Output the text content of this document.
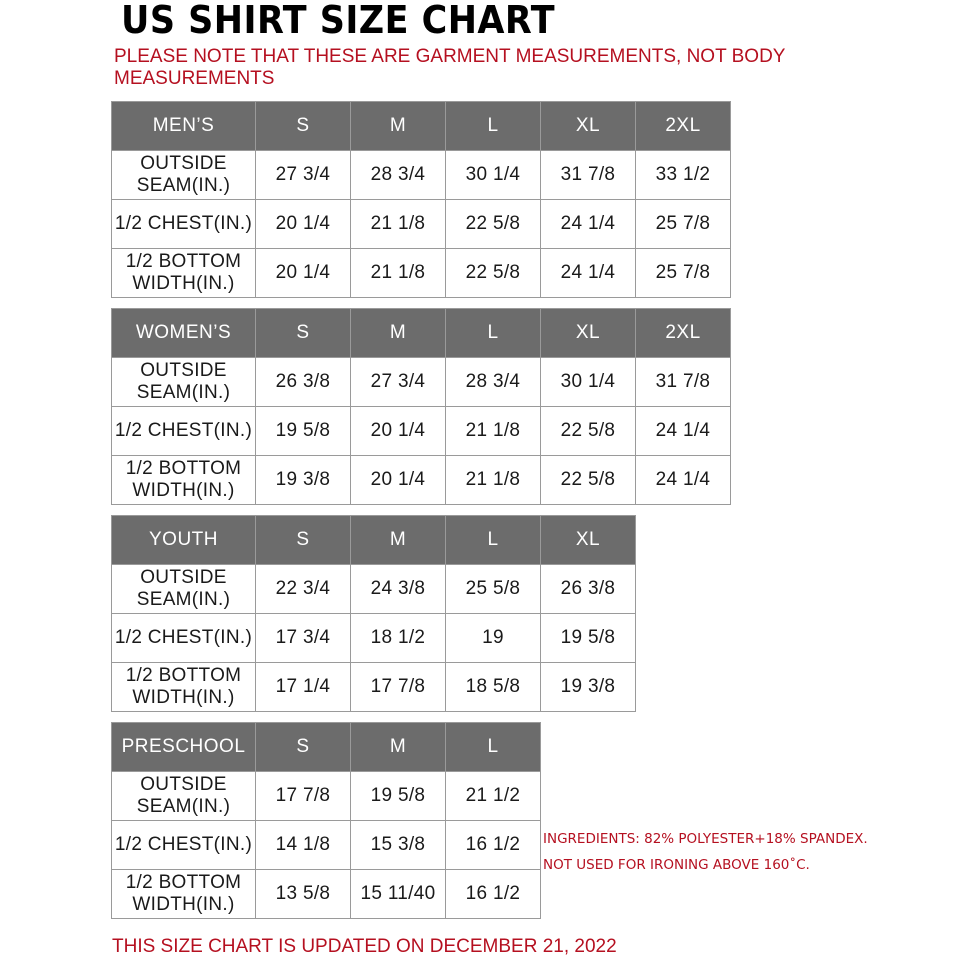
US SHIRT SIZE CHART
PLEASE NOTE THAT THESE ARE GARMENT MEASUREMENTS, NOT BODY MEASUREMENTS
MEN’S	S	M	L	XL	2XL
OUTSIDE SEAM(IN.)	27 3/4	28 3/4	30 1/4	31 7/8	33 1/2
1/2 CHEST(IN.)	20 1/4	21 1/8	22 5/8	24 1/4	25 7/8
1/2 BOTTOM WIDTH(IN.)	20 1/4	21 1/8	22 5/8	24 1/4	25 7/8
WOMEN’S	S	M	L	XL	2XL
OUTSIDE SEAM(IN.)	26 3/8	27 3/4	28 3/4	30 1/4	31 7/8
1/2 CHEST(IN.)	19 5/8	20 1/4	21 1/8	22 5/8	24 1/4
1/2 BOTTOM WIDTH(IN.)	19 3/8	20 1/4	21 1/8	22 5/8	24 1/4
YOUTH	S	M	L	XL
OUTSIDE SEAM(IN.)	22 3/4	24 3/8	25 5/8	26 3/8
1/2 CHEST(IN.)	17 3/4	18 1/2	19	19 5/8
1/2 BOTTOM WIDTH(IN.)	17 1/4	17 7/8	18 5/8	19 3/8
PRESCHOOL	S	M	L
OUTSIDE SEAM(IN.)	17 7/8	19 5/8	21 1/2
1/2 CHEST(IN.)	14 1/8	15 3/8	16 1/2
1/2 BOTTOM WIDTH(IN.)	13 5/8	15 11/40	16 1/2
INGREDIENTS: 82% POLYESTER+18% SPANDEX.
NOT USED FOR IRONING ABOVE 160˚C.
THIS SIZE CHART IS UPDATED ON DECEMBER 21, 2022
